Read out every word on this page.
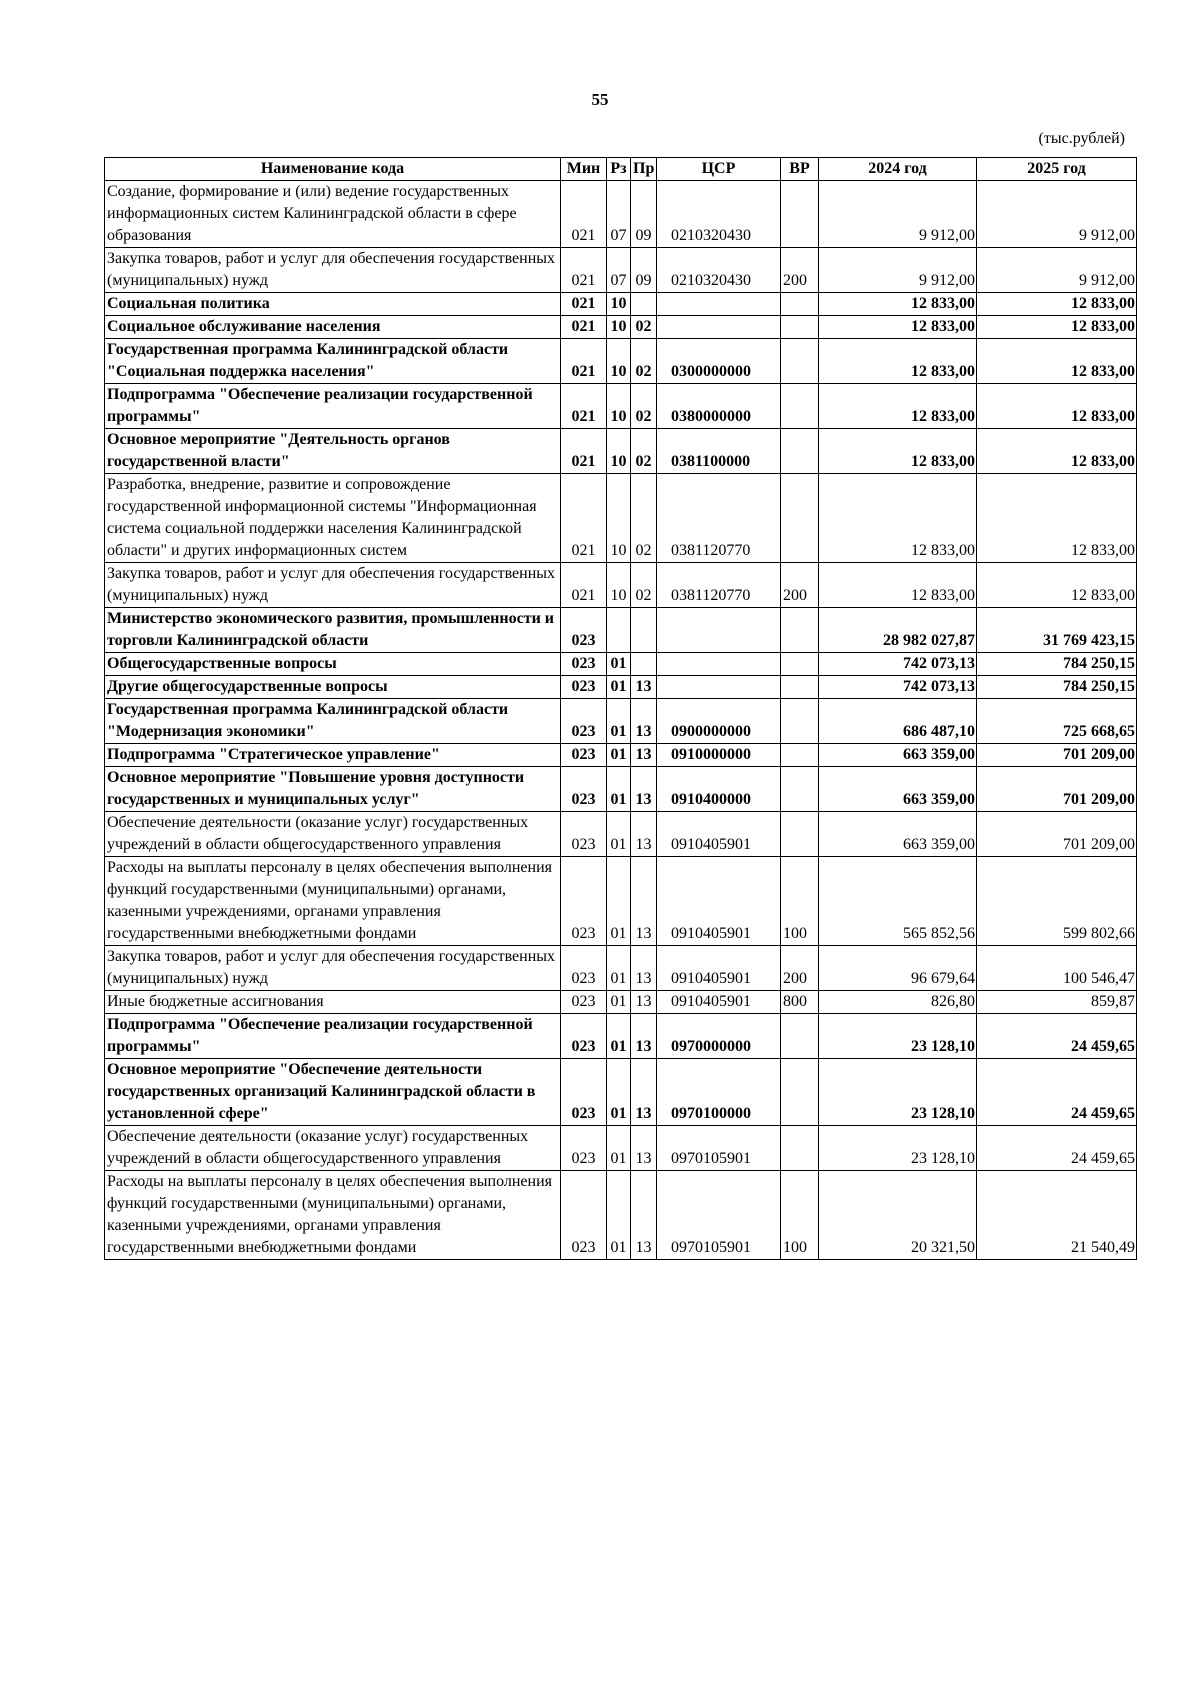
55
(тыс.рублей)
Наименование кода	Мин	Рз	Пр	ЦСР	ВР	2024 год	2025 год
Создание, формирование и (или) ведение государственных информационных систем Калининградской области в сфере образования	021	07	09	0210320430		9 912,00	9 912,00
Закупка товаров, работ и услуг для обеспечения государственных (муниципальных) нужд	021	07	09	0210320430	200	9 912,00	9 912,00
Социальная политика	021	10				12 833,00	12 833,00
Социальное обслуживание населения	021	10	02			12 833,00	12 833,00
Государственная программа Калининградской области "Социальная поддержка населения"	021	10	02	0300000000		12 833,00	12 833,00
Подпрограмма "Обеспечение реализации государственной программы"	021	10	02	0380000000		12 833,00	12 833,00
Основное мероприятие "Деятельность органов государственной власти"	021	10	02	0381100000		12 833,00	12 833,00
Разработка, внедрение, развитие и сопровождение государственной информационной системы "Информационная система социальной поддержки населения Калининградской области" и других информационных систем	021	10	02	0381120770		12 833,00	12 833,00
Закупка товаров, работ и услуг для обеспечения государственных (муниципальных) нужд	021	10	02	0381120770	200	12 833,00	12 833,00
Министерство экономического развития, промышленности и торговли Калининградской области	023					28 982 027,87	31 769 423,15
Общегосударственные вопросы	023	01				742 073,13	784 250,15
Другие общегосударственные вопросы	023	01	13			742 073,13	784 250,15
Государственная программа Калининградской области "Модернизация экономики"	023	01	13	0900000000		686 487,10	725 668,65
Подпрограмма "Стратегическое управление"	023	01	13	0910000000		663 359,00	701 209,00
Основное мероприятие "Повышение уровня доступности государственных и муниципальных услуг"	023	01	13	0910400000		663 359,00	701 209,00
Обеспечение деятельности (оказание услуг) государственных учреждений в области общегосударственного управления	023	01	13	0910405901		663 359,00	701 209,00
Расходы на выплаты персоналу в целях обеспечения выполнения функций государственными (муниципальными) органами, казенными учреждениями, органами управления государственными внебюджетными фондами	023	01	13	0910405901	100	565 852,56	599 802,66
Закупка товаров, работ и услуг для обеспечения государственных (муниципальных) нужд	023	01	13	0910405901	200	96 679,64	100 546,47
Иные бюджетные ассигнования	023	01	13	0910405901	800	826,80	859,87
Подпрограмма "Обеспечение реализации государственной программы"	023	01	13	0970000000		23 128,10	24 459,65
Основное мероприятие "Обеспечение деятельности государственных организаций Калининградской области в установленной сфере"	023	01	13	0970100000		23 128,10	24 459,65
Обеспечение деятельности (оказание услуг) государственных учреждений в области общегосударственного управления	023	01	13	0970105901		23 128,10	24 459,65
Расходы на выплаты персоналу в целях обеспечения выполнения функций государственными (муниципальными) органами, казенными учреждениями, органами управления государственными внебюджетными фондами	023	01	13	0970105901	100	20 321,50	21 540,49
